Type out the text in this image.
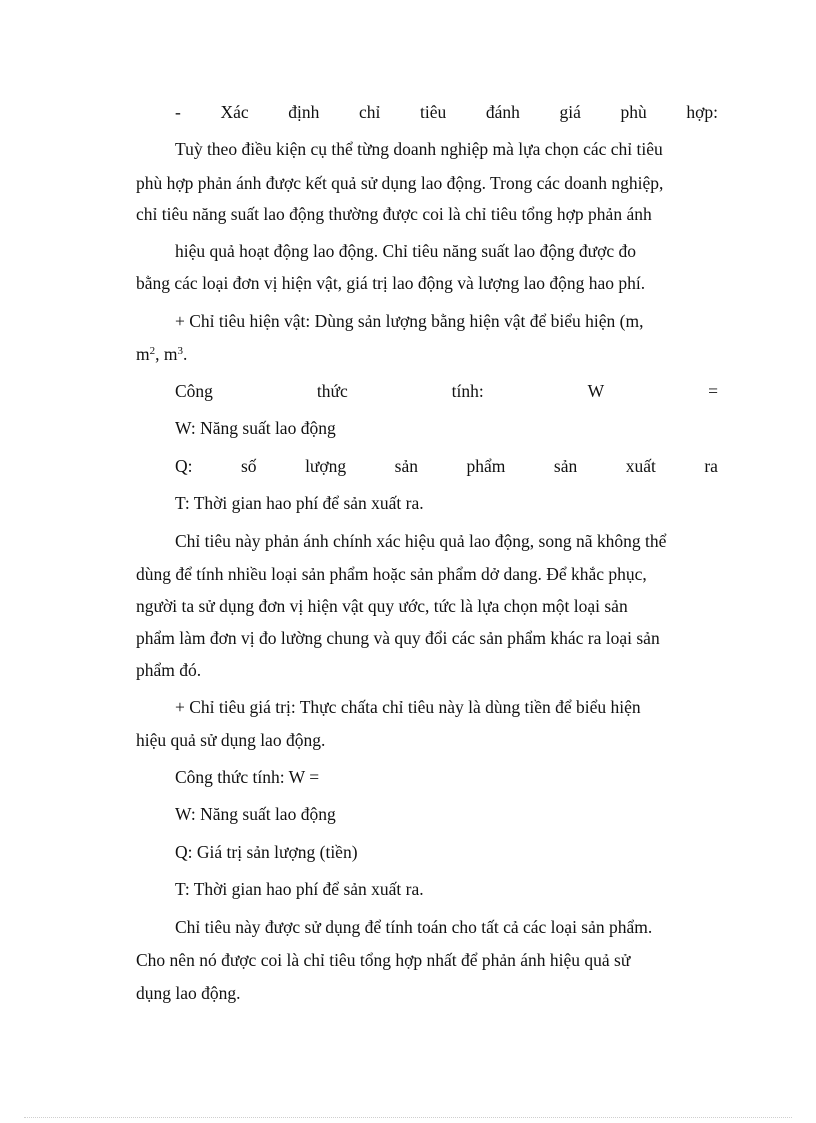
- Xác định chỉ tiêu đánh giá phù hợp:
Tuỳ theo điều kiện cụ thể từng doanh nghiệp mà lựa chọn các chỉ tiêu
phù hợp phản ánh được kết quả sử dụng lao động. Trong các doanh nghiệp,
chỉ tiêu năng suất lao động thường được coi là chỉ tiêu tổng hợp phản ánh
hiệu quả hoạt động lao động. Chỉ tiêu năng suất lao động được đo
bằng các loại đơn vị hiện vật, giá trị lao động và lượng lao động hao phí.
+ Chỉ tiêu hiện vật: Dùng sản lượng bằng hiện vật để biểu hiện (m,
$m^2$, $m^3$.
Công	thức	tính:	W	=
W: Năng suất lao động
Q:	số	lượng	sản	phẩm	sản	xuất	ra
T: Thời gian hao phí để sản xuất ra.
Chỉ tiêu này phản ánh chính xác hiệu quả lao động, song nã không thể
dùng để tính nhiều loại sản phẩm hoặc sản phẩm dở dang. Để khắc phục,
người ta sử dụng đơn vị hiện vật quy ước, tức là lựa chọn một loại sản
phẩm làm đơn vị đo lường chung và quy đổi các sản phẩm khác ra loại sản
phẩm đó.
+ Chỉ tiêu giá trị: Thực chấta chỉ tiêu này là dùng tiền để biểu hiện
hiệu quả sử dụng lao động.
Công thức tính: W =
W: Năng suất lao động
Q: Giá trị sản lượng (tiền)
T: Thời gian hao phí để sản xuất ra.
Chỉ tiêu này được sử dụng để tính toán cho tất cả các loại sản phẩm.
Cho nên nó được coi là chỉ tiêu tổng hợp nhất để phản ánh hiệu quả sử
dụng lao động.
